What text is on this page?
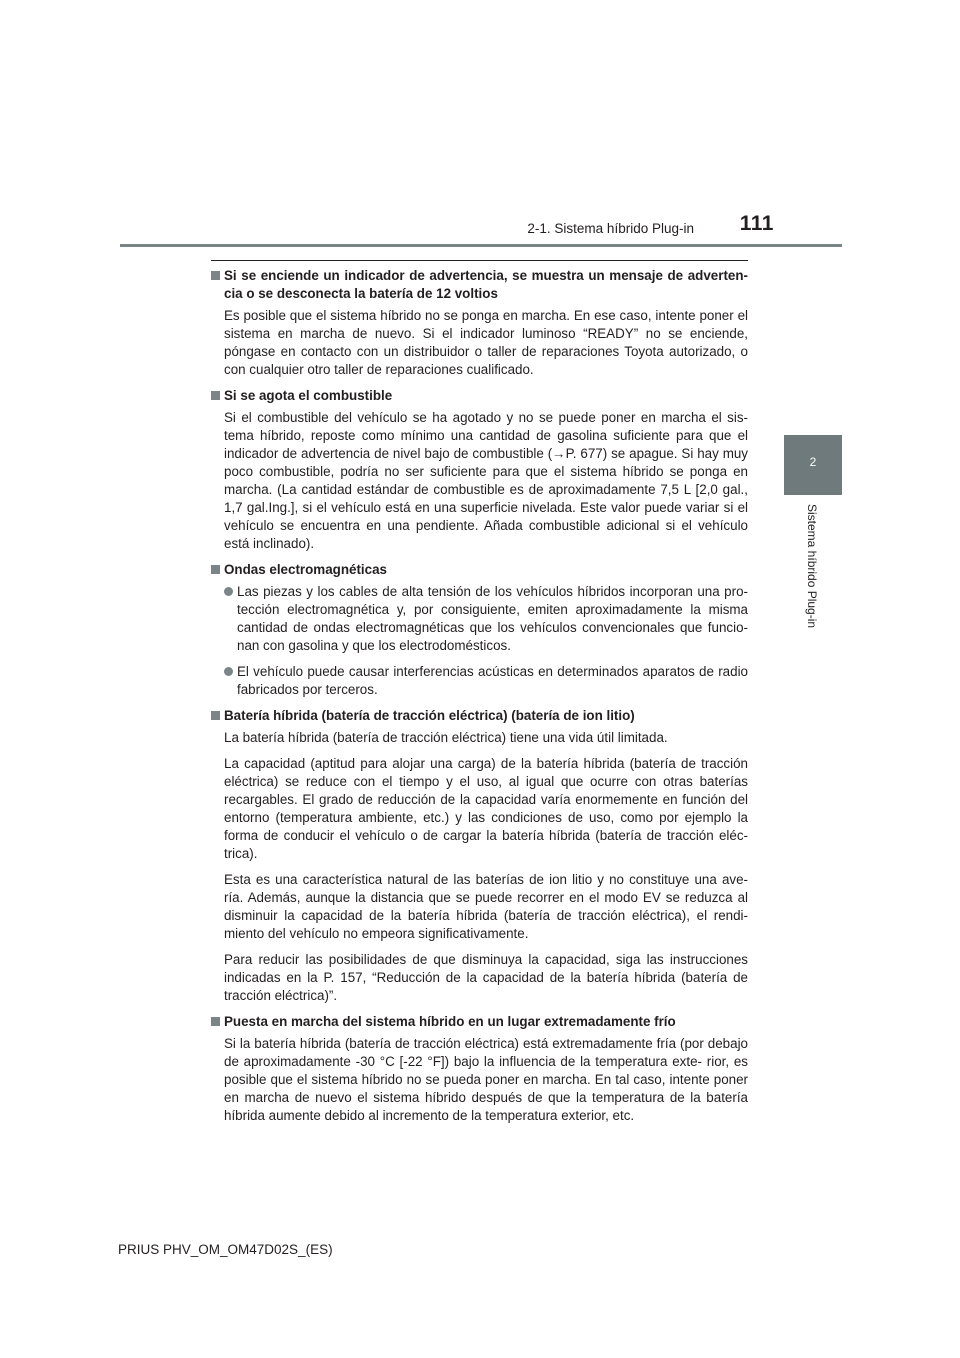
2-1. Sistema híbrido Plug-in 111
2
Sistema híbrido Plug-in
Si se enciende un indicador de advertencia, se muestra un mensaje de adverten- cia o se desconecta la batería de 12 voltios
Es posible que el sistema híbrido no se ponga en marcha. En ese caso, intente poner el sistema en marcha de nuevo. Si el indicador luminoso “READY” no se enciende, póngase en contacto con un distribuidor o taller de reparaciones Toyota autorizado, o con cualquier otro taller de reparaciones cualificado.
Si se agota el combustible
Si el combustible del vehículo se ha agotado y no se puede poner en marcha el sis- tema híbrido, reposte como mínimo una cantidad de gasolina suficiente para que el indicador de advertencia de nivel bajo de combustible (→P. 677) se apague. Si hay muy poco combustible, podría no ser suficiente para que el sistema híbrido se ponga en marcha. (La cantidad estándar de combustible es de aproximadamente 7,5 L [2,0 gal., 1,7 gal.Ing.], si el vehículo está en una superficie nivelada. Este valor puede variar si el vehículo se encuentra en una pendiente. Añada combustible adicional si el vehículo está inclinado).
Ondas electromagnéticas
Las piezas y los cables de alta tensión de los vehículos híbridos incorporan una pro- tección electromagnética y, por consiguiente, emiten aproximadamente la misma cantidad de ondas electromagnéticas que los vehículos convencionales que funcio- nan con gasolina y que los electrodomésticos.
El vehículo puede causar interferencias acústicas en determinados aparatos de radio fabricados por terceros.
Batería híbrida (batería de tracción eléctrica) (batería de ion litio)
La batería híbrida (batería de tracción eléctrica) tiene una vida útil limitada.
La capacidad (aptitud para alojar una carga) de la batería híbrida (batería de tracción eléctrica) se reduce con el tiempo y el uso, al igual que ocurre con otras baterías recargables. El grado de reducción de la capacidad varía enormemente en función del entorno (temperatura ambiente, etc.) y las condiciones de uso, como por ejemplo la forma de conducir el vehículo o de cargar la batería híbrida (batería de tracción eléc- trica).
Esta es una característica natural de las baterías de ion litio y no constituye una ave- ría. Además, aunque la distancia que se puede recorrer en el modo EV se reduzca al disminuir la capacidad de la batería híbrida (batería de tracción eléctrica), el rendi- miento del vehículo no empeora significativamente.
Para reducir las posibilidades de que disminuya la capacidad, siga las instrucciones indicadas en la P. 157, “Reducción de la capacidad de la batería híbrida (batería de tracción eléctrica)”.
Puesta en marcha del sistema híbrido en un lugar extremadamente frío
Si la batería híbrida (batería de tracción eléctrica) está extremadamente fría (por debajo de aproximadamente -30 °C [-22 °F]) bajo la influencia de la temperatura exte- rior, es posible que el sistema híbrido no se pueda poner en marcha. En tal caso, intente poner en marcha de nuevo el sistema híbrido después de que la temperatura de la batería híbrida aumente debido al incremento de la temperatura exterior, etc.
PRIUS PHV_OM_OM47D02S_(ES)
